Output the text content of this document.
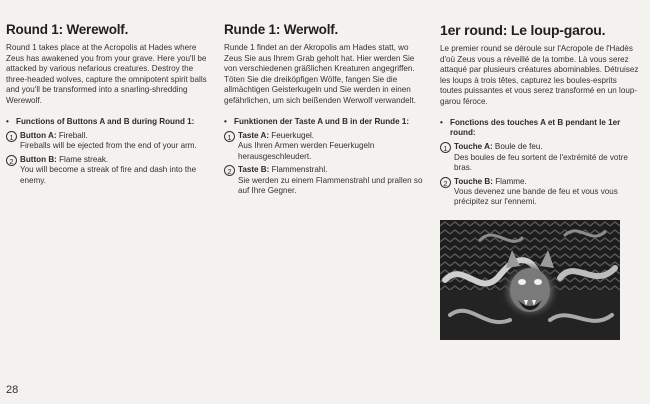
Round 1: Werewolf.

Round 1 takes place at the Acropolis at Hades where Zeus has awakened you from your grave. Here you'll be attacked by various nefarious creatures. Destroy the three-headed wolves, capture the omnipotent spirit balls and you'll be transformed into a snarling-shredding Werewolf.

• Functions of Buttons A and B during Round 1:
1 Button A: Fireball.
Fireballs will be ejected from the end of your arm.
2 Button B: Flame streak.
You will become a streak of fire and dash into the enemy.
Runde 1: Werwolf.

Runde 1 findet an der Akropolis am Hades statt, wo Zeus Sie aus Ihrem Grab geholt hat. Hier werden Sie von verschiedenen gräßlichen Kreaturen angegriffen. Töten Sie die dreiköpfigen Wölfe, fangen Sie die allmächtigen Geisterkugeln und Sie werden in einen gefährlichen, um sich beißenden Werwolf verwandelt.

• Funktionen der Taste A und B in der Runde 1:
1 Taste A: Feuerkugel.
Aus Ihren Armen werden Feuerkugeln herausgeschleudert.
2 Taste B: Flammenstrahl.
Sie werden zu einem Flammenstrahl und prallen so auf Ihre Gegner.
1er round: Le loup-garou.

Le premier round se déroule sur l'Acropole de l'Hadès d'où Zeus vous a réveillé de la tombe. Là vous serez attaqué par plusieurs créatures abominables. Détruisez les loups à trois têtes, capturez les boules-esprits toutes puissantes et vous serez transformé en un loup-garou féroce.

• Fonctions des touches A et B pendant le 1er round:
1 Touche A: Boule de feu.
Des boules de feu sortent de l'extrémité de votre bras.
2 Touche B: Flamme.
Vous devenez une bande de feu et vous vous précipitez sur l'ennemi.
28
